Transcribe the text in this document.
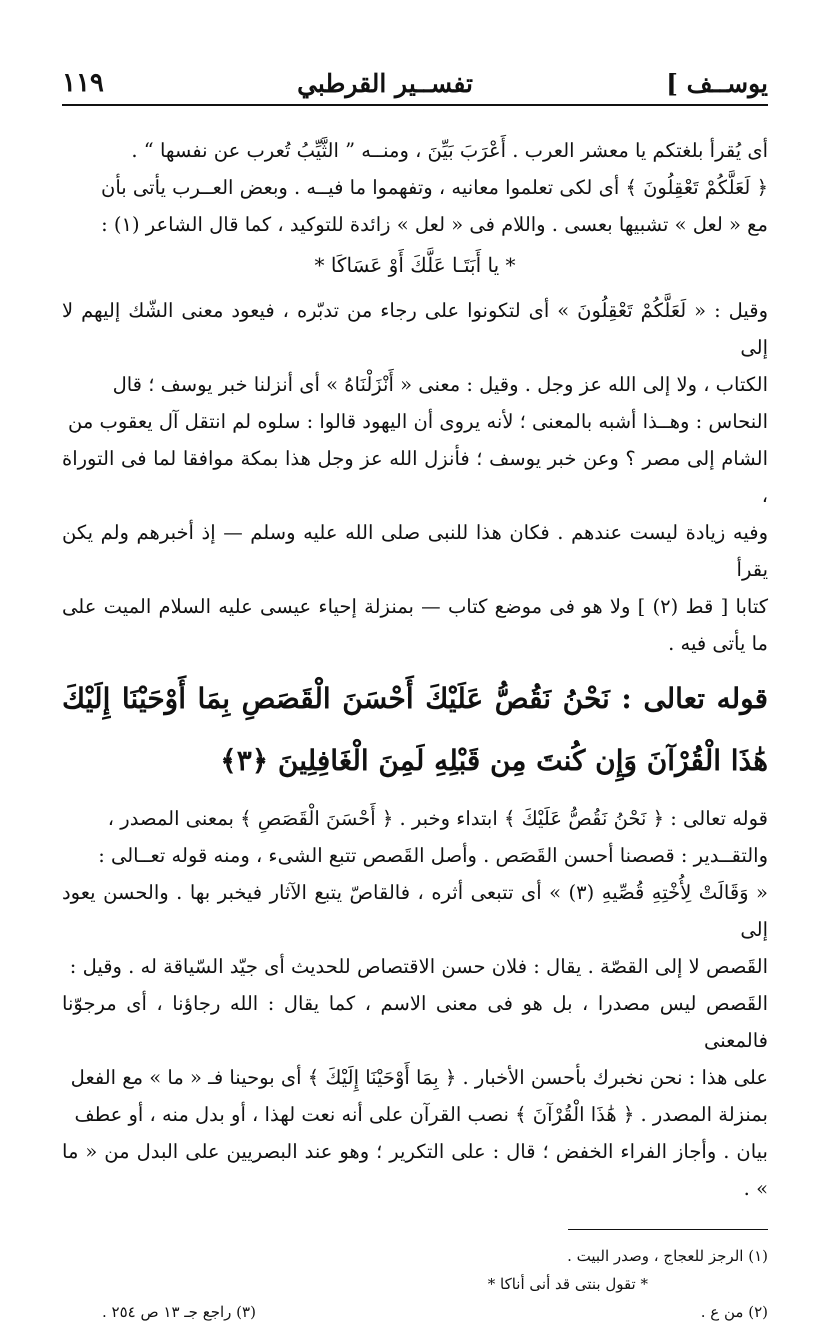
يوســف ]
تفســير القرطبي
١١٩

أى يُقرأ بلغتكم يا معشر العرب . أَعْرَبَ بَيِّنَ ، ومنــه ” الثَّيِّبُ تُعرب عن نفسها “ .

﴿ لَعَلَّكُمْ تَعْقِلُونَ ﴾ أى لكى تعلموا معانيه ، وتفهموا ما فيــه . وبعض العــرب يأتى بأن

مع « لعل » تشبيها بعسى . واللام فى « لعل » زائدة للتوكيد ، كما قال الشاعر (١) :

* يا أَبَتَـا عَلَّكَ أَوْ عَسَاكَا *

وقيل : « لَعَلَّكُمْ تَعْقِلُونَ » أى لتكونوا على رجاء من تدبّره ، فيعود معنى الشّك إليهم لا إلى

الكتاب ، ولا إلى الله عز وجل . وقيل : معنى « أَنْزَلْنَاهُ » أى أنزلنا خبر يوسف ؛ قال

النحاس : وهــذا أشبه بالمعنى ؛ لأنه يروى أن اليهود قالوا : سلوه لم انتقل آل يعقوب من

الشام إلى مصر ؟ وعن خبر يوسف ؛ فأنزل الله عز وجل هذا بمكة موافقا لما فى التوراة ،

وفيه زيادة ليست عندهم . فكان هذا للنبى صلى الله عليه وسلم — إذ أخبرهم ولم يكن يقرأ

كتابا [ قط (٢) ] ولا هو فى موضع كتاب — بمنزلة إحياء عيسى عليه السلام الميت على ما يأتى فيه .

قوله تعالى : نَحْنُ نَقُصُّ عَلَيْكَ أَحْسَنَ الْقَصَصِ بِمَا أَوْحَيْنَا إِلَيْكَ هَٰذَا الْقُرْآنَ وَإِن كُنتَ مِن قَبْلِهِ لَمِنَ الْغَافِلِينَ ﴿٣﴾

قوله تعالى : ﴿ نَحْنُ نَقُصُّ عَلَيْكَ ﴾ ابتداء وخبر . ﴿ أَحْسَنَ الْقَصَصِ ﴾ بمعنى المصدر ،

والتقــدير : قصصنا أحسن القَصَص . وأصل القَصص تتبع الشىء ، ومنه قوله تعــالى :

« وَقَالَتْ لِأُخْتِهِ قُصِّيهِ (٣) » أى تتبعى أثره ، فالقاصّ يتبع الآثار فيخبر بها . والحسن يعود إلى

القَصص لا إلى القصّة . يقال : فلان حسن الاقتصاص للحديث أى جيّد السّياقة له . وقيل :

القَصص ليس مصدرا ، بل هو فى معنى الاسم ، كما يقال : الله رجاؤنا ، أى مرجوّنا فالمعنى

على هذا : نحن نخبرك بأحسن الأخبار . ﴿ بِمَا أَوْحَيْنَا إِلَيْكَ ﴾ أى بوحينا فـ « ما » مع الفعل

بمنزلة المصدر . ﴿ هَٰذَا الْقُرْآنَ ﴾ نصب القرآن على أنه نعت لهذا ، أو بدل منه ، أو عطف

بيان . وأجاز الفراء الخفض ؛ قال : على التكرير ؛ وهو عند البصريين على البدل من « ما » .

(١) الرجز للعجاج ، وصدر البيت .
* تقول بنتى قد أنى أناكا *
(٢) من ع .
(٣) راجع جـ ١٣ ص ٢٥٤ .
